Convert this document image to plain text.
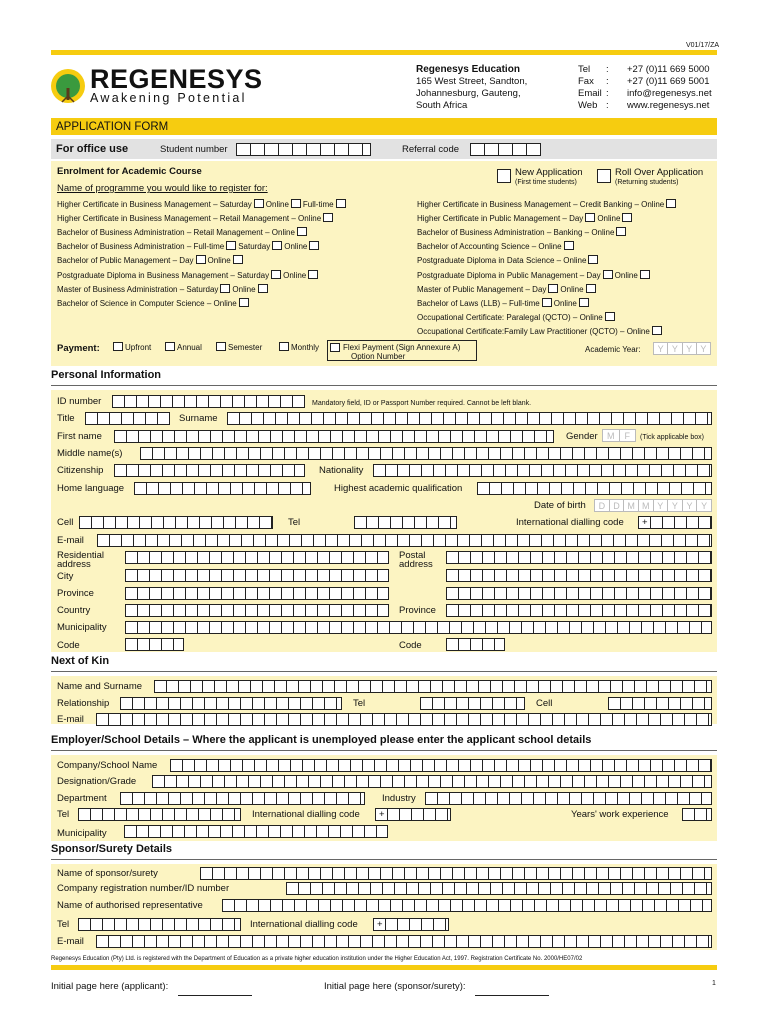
V01/17/ZA
REGENESYS
Awakening Potential
Regenesys Education
165 West Street, Sandton,
Johannesburg, Gauteng,
South Africa
Tel : +27 (0)11 669 5000
Fax : +27 (0)11 669 5001
Email : info@regenesys.net
Web : www.regenesys.net
APPLICATION FORM
For office use	Student number	Referral code
Enrolment for Academic Course
Name of programme you would like to register for:
New Application
(First time students)
Roll Over Application
(Returning students)
Higher Certificate in Business Management – Saturday Online Full-time
Higher Certificate in Business Management – Retail Management – Online
Bachelor of Business Administration – Retail Management – Online
Bachelor of Business Administration – Full-time Saturday Online
Bachelor of Public Management – Day Online
Postgraduate Diploma in Business Management – Saturday Online
Master of Business Administration – Saturday Online
Bachelor of Science in Computer Science – Online
Higher Certificate in Business Management – Credit Banking – Online
Higher Certificate in Public Management – Day Online
Bachelor of Business Administration – Banking – Online
Bachelor of Accounting Science – Online
Postgraduate Diploma in Data Science – Online
Postgraduate Diploma in Public Management – Day Online
Master of Public Management – Day Online
Bachelor of Laws (LLB) – Full-time Online
Occupational Certificate: Paralegal (QCTO) – Online
Occupational Certificate:Family Law Practitioner (QCTO) – Online
Payment:	Upfront	Annual	Semester	Monthly	Flexi Payment (Sign Annexure A)
Option Number
Academic Year:	Y Y Y Y
Personal Information
ID number	Mandatory field, ID or Passport Number required. Cannot be left blank.
Title	Surname
First name	Gender	M	F	(Tick applicable box)
Middle name(s)
Citizenship	Nationality
Home language	Highest academic qualification
Date of birth	D D M M Y Y Y Y
Cell	Tel	International dialling code +
E-mail
Residential address
Postal address
City
Province
Country	Province
Municipality
Code	Code
Next of Kin
Name and Surname
Relationship	Tel	Cell
E-mail
Employer/School Details – Where the applicant is unemployed please enter the applicant school details
Company/School Name
Designation/Grade
Department	Industry
Tel	International dialling code +	Years' work experience
Municipality
Sponsor/Surety Details
Name of sponsor/surety
Company registration number/ID number
Name of authorised representative
Tel	International dialling code +
E-mail
Regenesys Education (Pty) Ltd. is registered with the Department of Education as a private higher education institution under the Higher Education Act, 1997. Registration Certificate No. 2000/HE07/02
1
Initial page here (applicant):	Initial page here (sponsor/surety):
